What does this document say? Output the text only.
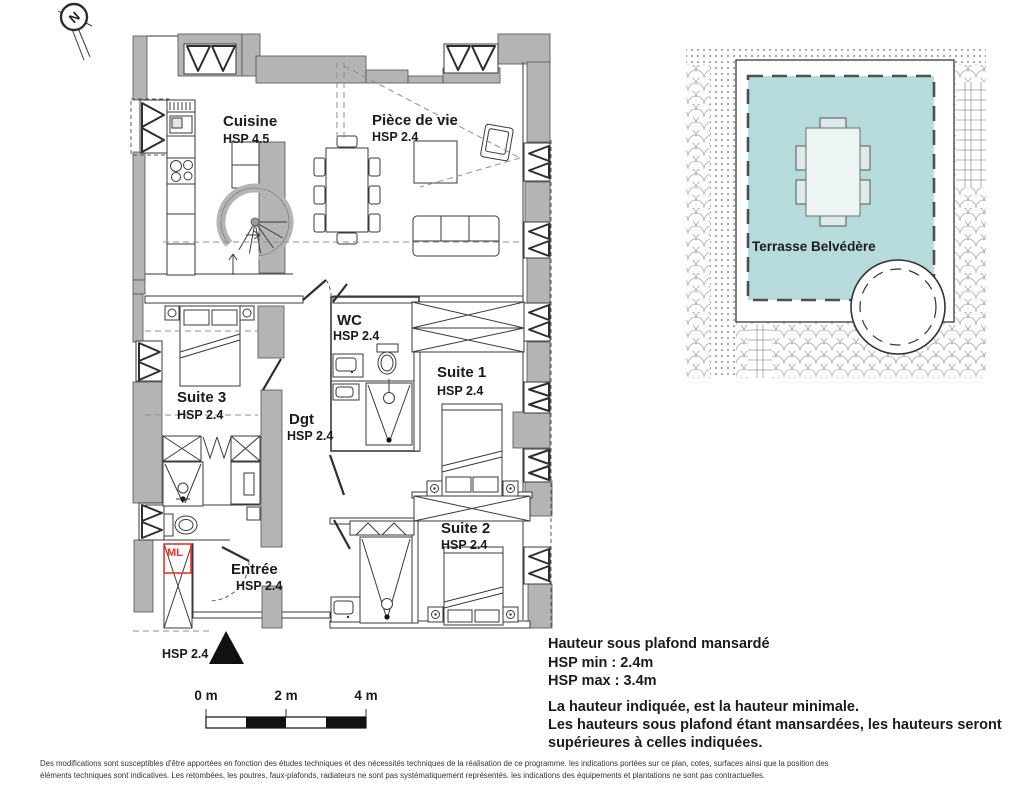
N
ML
Cuisine
HSP 4.5
Pièce de vie
HSP 2.4
WC
HSP 2.4
Suite 1
HSP 2.4
Suite 3
HSP 2.4	Dgt
HSP 2.4
Suite 2
HSP 2.4
Entrée
HSP 2.4
HSP 2.4
Terrasse Belvédère
0 m	2 m	4 m
Hauteur sous plafond mansardé
HSP min : 2.4m
HSP max : 3.4m
La hauteur indiquée, est la hauteur minimale.
Les hauteurs sous plafond étant mansardées, les hauteurs seront
supérieures à celles indiquées.
Des modifications sont susceptibles d'être apportées en fonction des études techniques et des nécessités techniques de la réalisation de ce programme. les indications portées sur ce plan, cotes, surfaces ainsi que la position des
éléments techniques sont indicatives. Les retombées, les poutres, faux-plafonds, radiateurs ne sont pas systématiquement représentés. les indications des équipements et plantations ne sont pas contractuelles.
